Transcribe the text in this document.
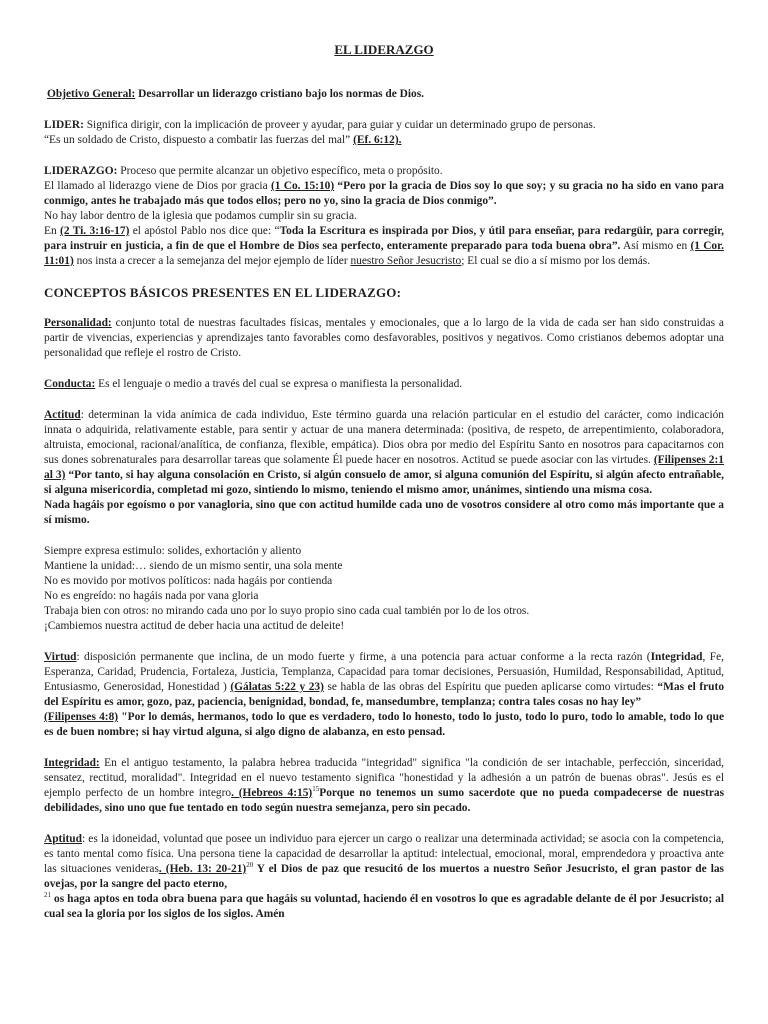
EL LIDERAZGO

Objetivo General: Desarrollar un liderazgo cristiano bajo los normas de Dios.

LIDER: Significa dirigir, con la implicación de proveer y ayudar, para guiar y cuidar un determinado grupo de personas.
“Es un soldado de Cristo, dispuesto a combatir las fuerzas del mal” (Ef. 6:12).

LIDERAZGO: Proceso que permite alcanzar un objetivo específico, meta o propósito.
El llamado al liderazgo viene de Dios por gracia (1 Co. 15:10) “Pero por la gracia de Dios soy lo que soy; y su gracia no ha sido en vano para conmigo, antes he trabajado más que todos ellos; pero no yo, sino la gracia de Dios conmigo”.
No hay labor dentro de la iglesia que podamos cumplir sin su gracia.
En (2 Ti. 3:16-17) el apóstol Pablo nos dice que: “Toda la Escritura es inspirada por Dios, y útil para enseñar, para redargüir, para corregir, para instruir en justicia, a fin de que el Hombre de Dios sea perfecto, enteramente preparado para toda buena obra”. Así mismo en (1 Cor. 11:01) nos insta a crecer a la semejanza del mejor ejemplo de líder nuestro Señor Jesucristo; El cual se dio a sí mismo por los demás.

CONCEPTOS BÁSICOS PRESENTES EN EL LIDERAZGO:

Personalidad: conjunto total de nuestras facultades físicas, mentales y emocionales, que a lo largo de la vida de cada ser han sido construidas a partir de vivencias, experiencias y aprendizajes tanto favorables como desfavorables, positivos y negativos. Como cristianos debemos adoptar una personalidad que refleje el rostro de Cristo.

Conducta: Es el lenguaje o medio a través del cual se expresa o manifiesta la personalidad.

Actitud: determinan la vida anímica de cada individuo, Este término guarda una relación particular en el estudio del carácter, como indicación innata o adquirida, relativamente estable, para sentir y actuar de una manera determinada: (positiva, de respeto, de arrepentimiento, colaboradora, altruista, emocional, racional/analítica, de confianza, flexible, empática). Dios obra por medio del Espíritu Santo en nosotros para capacitarnos con sus dones sobrenaturales para desarrollar tareas que solamente Él puede hacer en nosotros. Actitud se puede asociar con las virtudes. (Filipenses 2:1 al 3) “Por tanto, si hay alguna consolación en Cristo, si algún consuelo de amor, si alguna comunión del Espíritu, si algún afecto entrañable, si alguna misericordia, completad mi gozo, sintiendo lo mismo, teniendo el mismo amor, unánimes, sintiendo una misma cosa.
Nada hagáis por egoísmo o por vanagloria, sino que con actitud humilde cada uno de vosotros considere al otro como más importante que a sí mismo.

Siempre expresa estimulo: solides, exhortación y aliento

Mantiene la unidad:… siendo de un mismo sentir, una sola mente

No es movido por motivos políticos: nada hagáis por contienda

No es engreído: no hagáis nada por vana gloria

Trabaja bien con otros: no mirando cada uno por lo suyo propio sino cada cual también por lo de los otros.

¡Cambiemos nuestra actitud de deber hacia una actitud de deleite!

Virtud: disposición permanente que inclina, de un modo fuerte y firme, a una potencia para actuar conforme a la recta razón (Integridad, Fe, Esperanza, Caridad, Prudencia, Fortaleza, Justicia, Templanza, Capacidad para tomar decisiones, Persuasión, Humildad, Responsabilidad, Aptitud, Entusiasmo, Generosidad, Honestidad ) (Gálatas 5:22 y 23) se habla de las obras del Espíritu que pueden aplicarse como virtudes: “Mas el fruto del Espíritu es amor, gozo, paz, paciencia, benignidad, bondad, fe, mansedumbre, templanza; contra tales cosas no hay ley”
(Filipenses 4:8) "Por lo demás, hermanos, todo lo que es verdadero, todo lo honesto, todo lo justo, todo lo puro, todo lo amable, todo lo que es de buen nombre; si hay virtud alguna, si algo digno de alabanza, en esto pensad.

Integridad: En el antiguo testamento, la palabra hebrea traducida "integridad" significa "la condición de ser intachable, perfección, sinceridad, sensatez, rectitud, moralidad". Integridad en el nuevo testamento significa "honestidad y la adhesión a un patrón de buenas obras". Jesús es el ejemplo perfecto de un hombre integro. (Hebreos 4:15)$^{15}$Porque no tenemos un sumo sacerdote que no pueda compadecerse de nuestras debilidades, sino uno que fue tentado en todo según nuestra semejanza, pero sin pecado.

Aptitud: es la idoneidad, voluntad que posee un individuo para ejercer un cargo o realizar una determinada actividad; se asocia con la competencia, es tanto mental como física. Una persona tiene la capacidad de desarrollar la aptitud: intelectual, emocional, moral, emprendedora y proactiva ante las situaciones venideras. (Heb. 13: 20-21)$^{20}$ Y el Dios de paz que resucitó de los muertos a nuestro Señor Jesucristo, el gran pastor de las ovejas, por la sangre del pacto eterno,
$^{21}$ os haga aptos en toda obra buena para que hagáis su voluntad, haciendo él en vosotros lo que es agradable delante de él por Jesucristo; al cual sea la gloria por los siglos de los siglos. Amén
